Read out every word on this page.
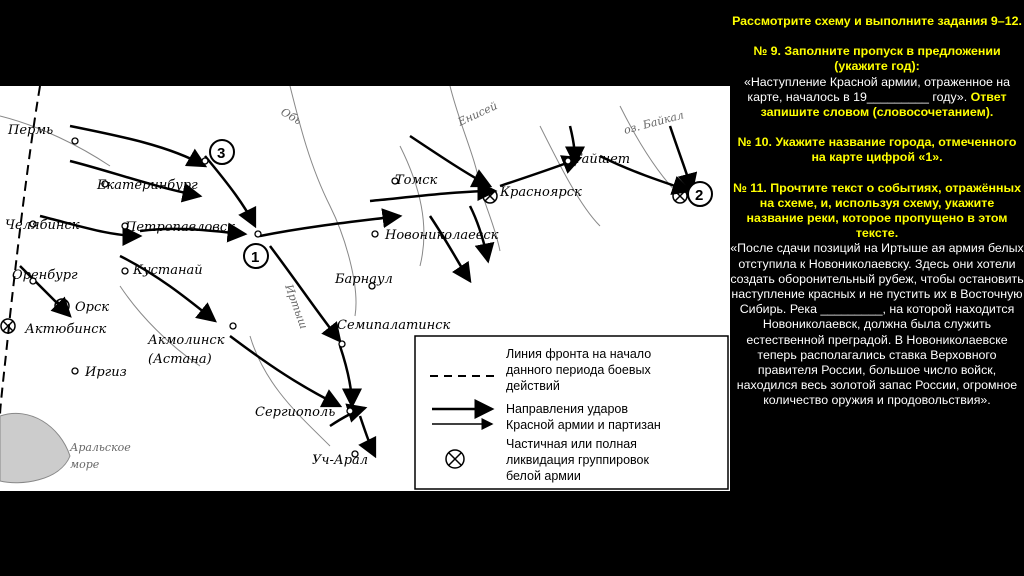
Пермь
Екатеринбург
Челябинск	Петропавловск
Оренбург	Кустанай
Орск
Актюбинск
Акмолинск
(Астана)
Иргиз
Томск
Красноярск
Тайшет
Новониколаевск
Барнаул
Семипалатинск
Сергиополь
Уч-Арал
Обь	Енисей	оз. Байкал
Иртыш
Аральское
море
1
2
3
Линия фронта на начало
данного периода боевых
действий
Направления ударов
Красной армии и партизан
Частичная или полная
ликвидация группировок
белой армии

Рассмотрите схему и выполните задания 9–12.

№ 9. Заполните пропуск в предложении (укажите год):

«Наступление Красной армии, отраженное на карте, началось в 19_________ году». Ответ запишите словом (словосочетанием).

№ 10. Укажите название города, отмеченного на карте цифрой «1».

№ 11. Прочтите текст о событиях, отражённых на схеме, и, используя схему, укажите название реки, которое пропущено в этом тексте.

«После сдачи позиций на Иртыше ая армия белых отступила к Новониколаевску. Здесь они хотели создать оборонительный рубеж, чтобы остановить наступление красных и не пустить их в Восточную Сибирь. Река _________, на которой находится Новониколаевск, должна была служить естественной преградой. В Новониколаевске теперь располагались ставка Верховного правителя России, большое число войск, находился весь золотой запас России, огромное количество оружия и продовольствия».
